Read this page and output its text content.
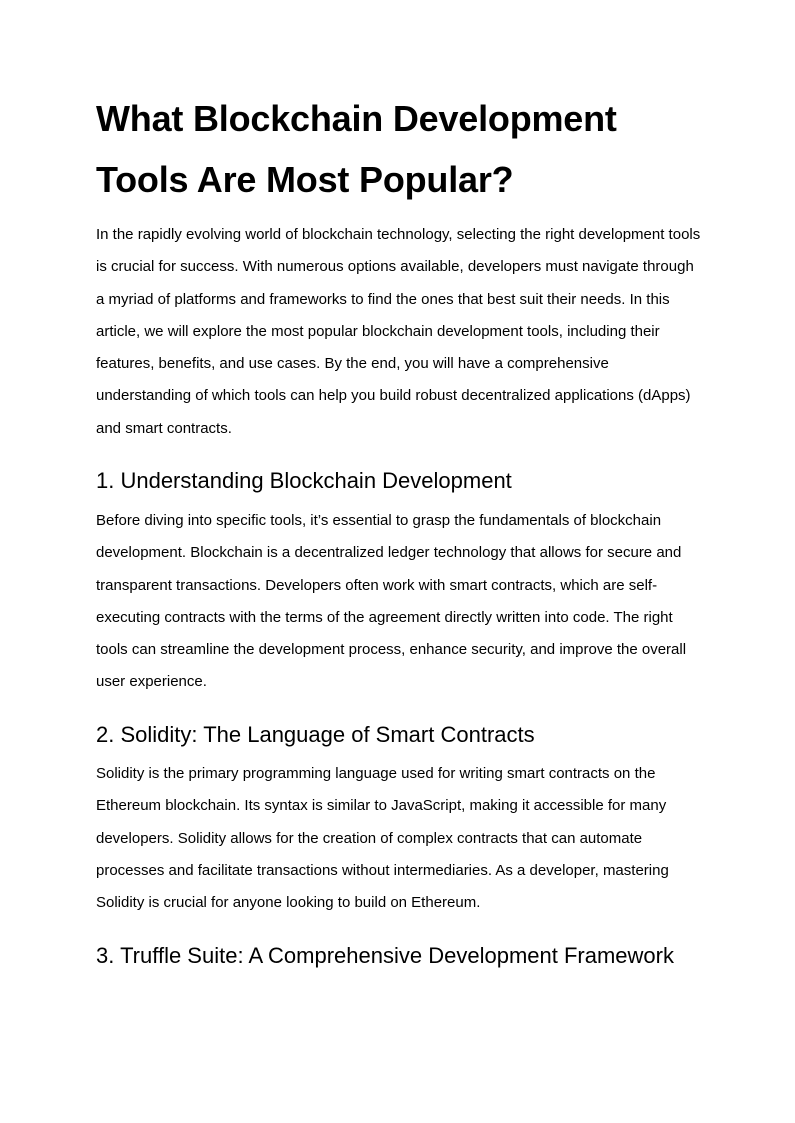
What Blockchain Development Tools Are Most Popular?

In the rapidly evolving world of blockchain technology, selecting the right development tools is crucial for success. With numerous options available, developers must navigate through a myriad of platforms and frameworks to find the ones that best suit their needs. In this article, we will explore the most popular blockchain development tools, including their features, benefits, and use cases. By the end, you will have a comprehensive understanding of which tools can help you build robust decentralized applications (dApps) and smart contracts.

1. Understanding Blockchain Development

Before diving into specific tools, it’s essential to grasp the fundamentals of blockchain development. Blockchain is a decentralized ledger technology that allows for secure and transparent transactions. Developers often work with smart contracts, which are self-executing contracts with the terms of the agreement directly written into code. The right tools can streamline the development process, enhance security, and improve the overall user experience.

2. Solidity: The Language of Smart Contracts

Solidity is the primary programming language used for writing smart contracts on the Ethereum blockchain. Its syntax is similar to JavaScript, making it accessible for many developers. Solidity allows for the creation of complex contracts that can automate processes and facilitate transactions without intermediaries. As a developer, mastering Solidity is crucial for anyone looking to build on Ethereum.

3. Truffle Suite: A Comprehensive Development Framework
